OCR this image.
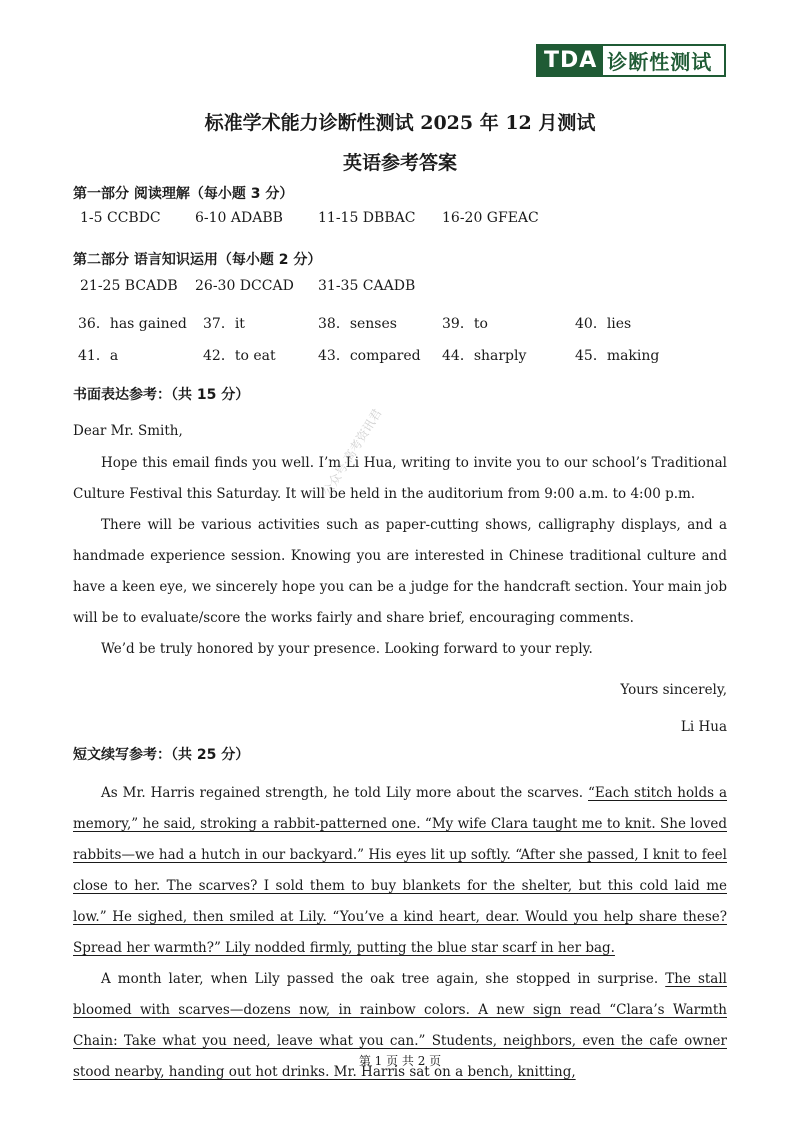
TDA 诊断性测试
标准学术能力诊断性测试 2025 年 12 月测试
英语参考答案
第一部分 阅读理解（每小题 3 分）
1-5 CCBDC 6-10 ADABB	11-15 DBBAC 16-20 GFEAC
第二部分 语言知识运用（每小题 2 分）
21-25 BCADB 26-30 DCCAD 31-35 CAADB
36．has gained 37．it	38．senses	39．to	40．lies
41．a	42．to eat	43．compared 44．sharply	45．making
书面表达参考：（共 15 分）
Dear Mr. Smith,

Hope this email finds you well. I’m Li Hua, writing to invite you to our school’s Traditional Culture Festival this Saturday. It will be held in the auditorium from 9:00 a.m. to 4:00 p.m.

There will be various activities such as paper-cutting shows, calligraphy displays, and a handmade experience session. Knowing you are interested in Chinese traditional culture and have a keen eye, we sincerely hope you can be a judge for the handcraft section. Your main job will be to evaluate/score the works fairly and share brief, encouraging comments.

We’d be truly honored by your presence. Looking forward to your reply.

Yours sincerely,
Li Hua
短文续写参考：（共 25 分）

As Mr. Harris regained strength, he told Lily more about the scarves. “Each stitch holds a memory,” he said, stroking a rabbit-patterned one. “My wife Clara taught me to knit. She loved rabbits—we had a hutch in our backyard.” His eyes lit up softly. “After she passed, I knit to feel close to her. The scarves? I sold them to buy blankets for the shelter, but this cold laid me low.” He sighed, then smiled at Lily. “You’ve a kind heart, dear. Would you help share these? Spread her warmth?” Lily nodded firmly, putting the blue star scarf in her bag.

A month later, when Lily passed the oak tree again, she stopped in surprise. The stall bloomed with scarves—dozens now, in rainbow colors. A new sign read “Clara’s Warmth Chain: Take what you need, leave what you can.” Students, neighbors, even the cafe owner stood nearby, handing out hot drinks. Mr. Harris sat on a bench, knitting,

公众号·高考资讯君
第 1 页 共 2 页
